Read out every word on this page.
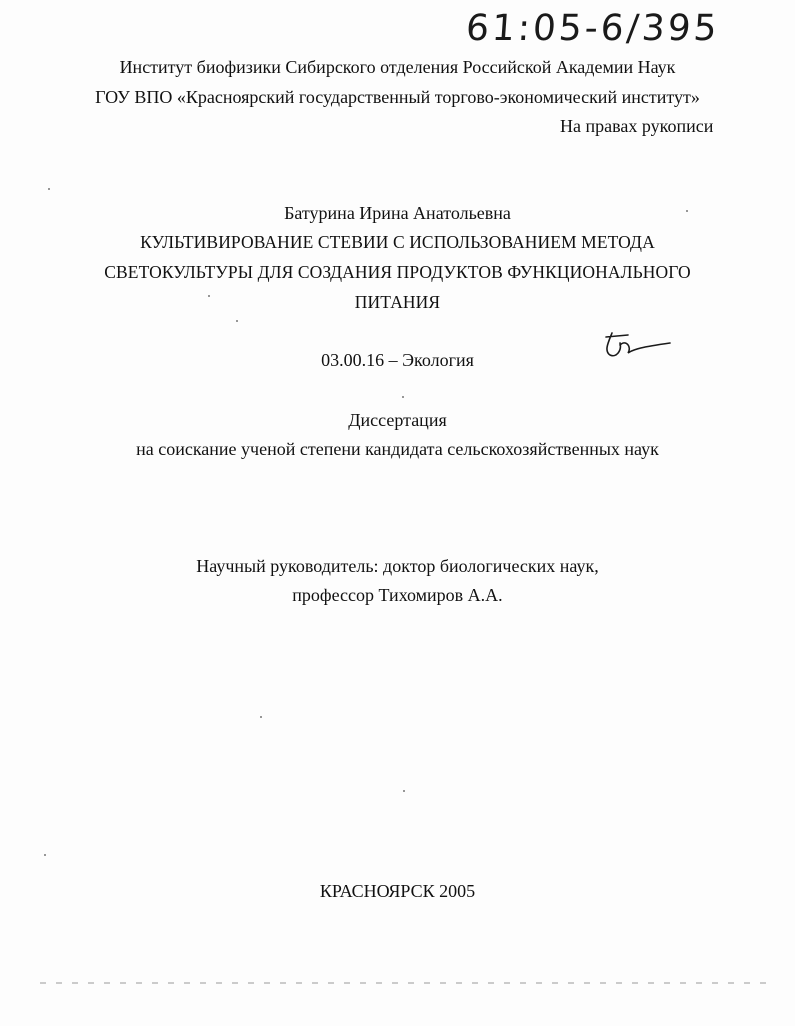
61:05-6/395
Институт биофизики Сибирского отделения Российской Академии Наук
ГОУ ВПО «Красноярский государственный торгово-экономический институт»
На правах рукописи
Батурина Ирина Анатольевна
КУЛЬТИВИРОВАНИЕ СТЕВИИ С ИСПОЛЬЗОВАНИЕМ МЕТОДА
СВЕТОКУЛЬТУРЫ ДЛЯ СОЗДАНИЯ ПРОДУКТОВ ФУНКЦИОНАЛЬНОГО
ПИТАНИЯ
03.00.16 – Экология
Диссертация
на соискание ученой степени кандидата сельскохозяйственных наук
Научный руководитель: доктор биологических наук,
профессор Тихомиров А.А.
КРАСНОЯРСК 2005
